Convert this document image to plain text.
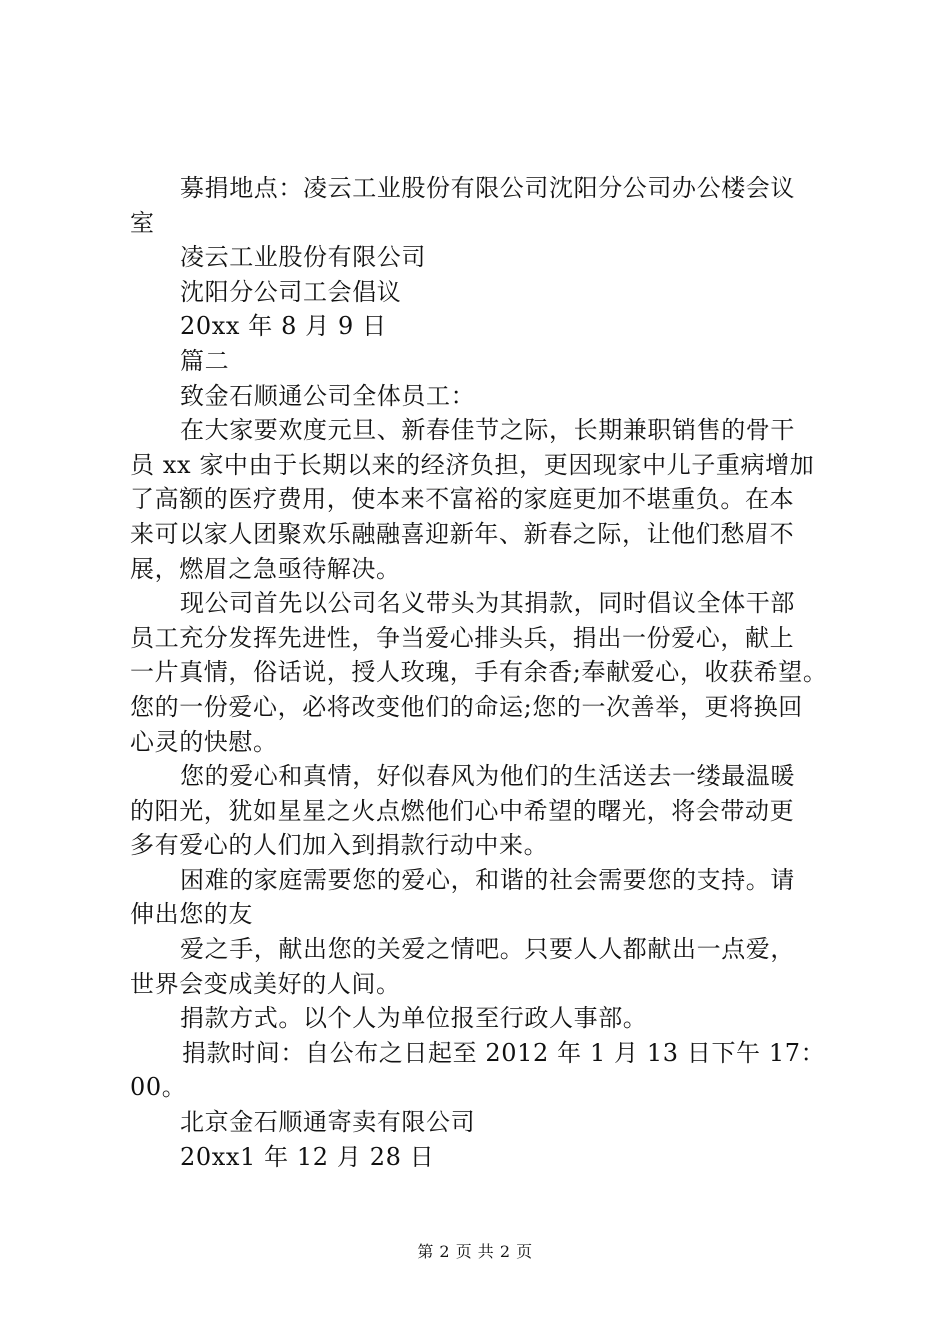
募捐地点：凌云工业股份有限公司沈阳分公司办公楼会议
室
凌云工业股份有限公司
沈阳分公司工会倡议
20xx 年 8 月 9 日
篇二
致金石顺通公司全体员工：
在大家要欢度元旦、新春佳节之际，长期兼职销售的骨干
员 xx 家中由于长期以来的经济负担，更因现家中儿子重病增加
了高额的医疗费用，使本来不富裕的家庭更加不堪重负。在本
来可以家人团聚欢乐融融喜迎新年、新春之际，让他们愁眉不
展，燃眉之急亟待解决。
现公司首先以公司名义带头为其捐款，同时倡议全体干部
员工充分发挥先进性，争当爱心排头兵，捐出一份爱心，献上
一片真情，俗话说，授人玫瑰，手有余香;奉献爱心，收获希望。
您的一份爱心，必将改变他们的命运;您的一次善举，更将换回
心灵的快慰。
您的爱心和真情，好似春风为他们的生活送去一缕最温暖
的阳光，犹如星星之火点燃他们心中希望的曙光，将会带动更
多有爱心的人们加入到捐款行动中来。
困难的家庭需要您的爱心，和谐的社会需要您的支持。请
伸出您的友
爱之手，献出您的关爱之情吧。只要人人都献出一点爱，
世界会变成美好的人间。
捐款方式。以个人为单位报至行政人事部。
捐款时间：自公布之日起至 2012 年 1 月 13 日下午 17：
00。
北京金石顺通寄卖有限公司
20xx1 年 12 月 28 日
第 2 页 共 2 页
